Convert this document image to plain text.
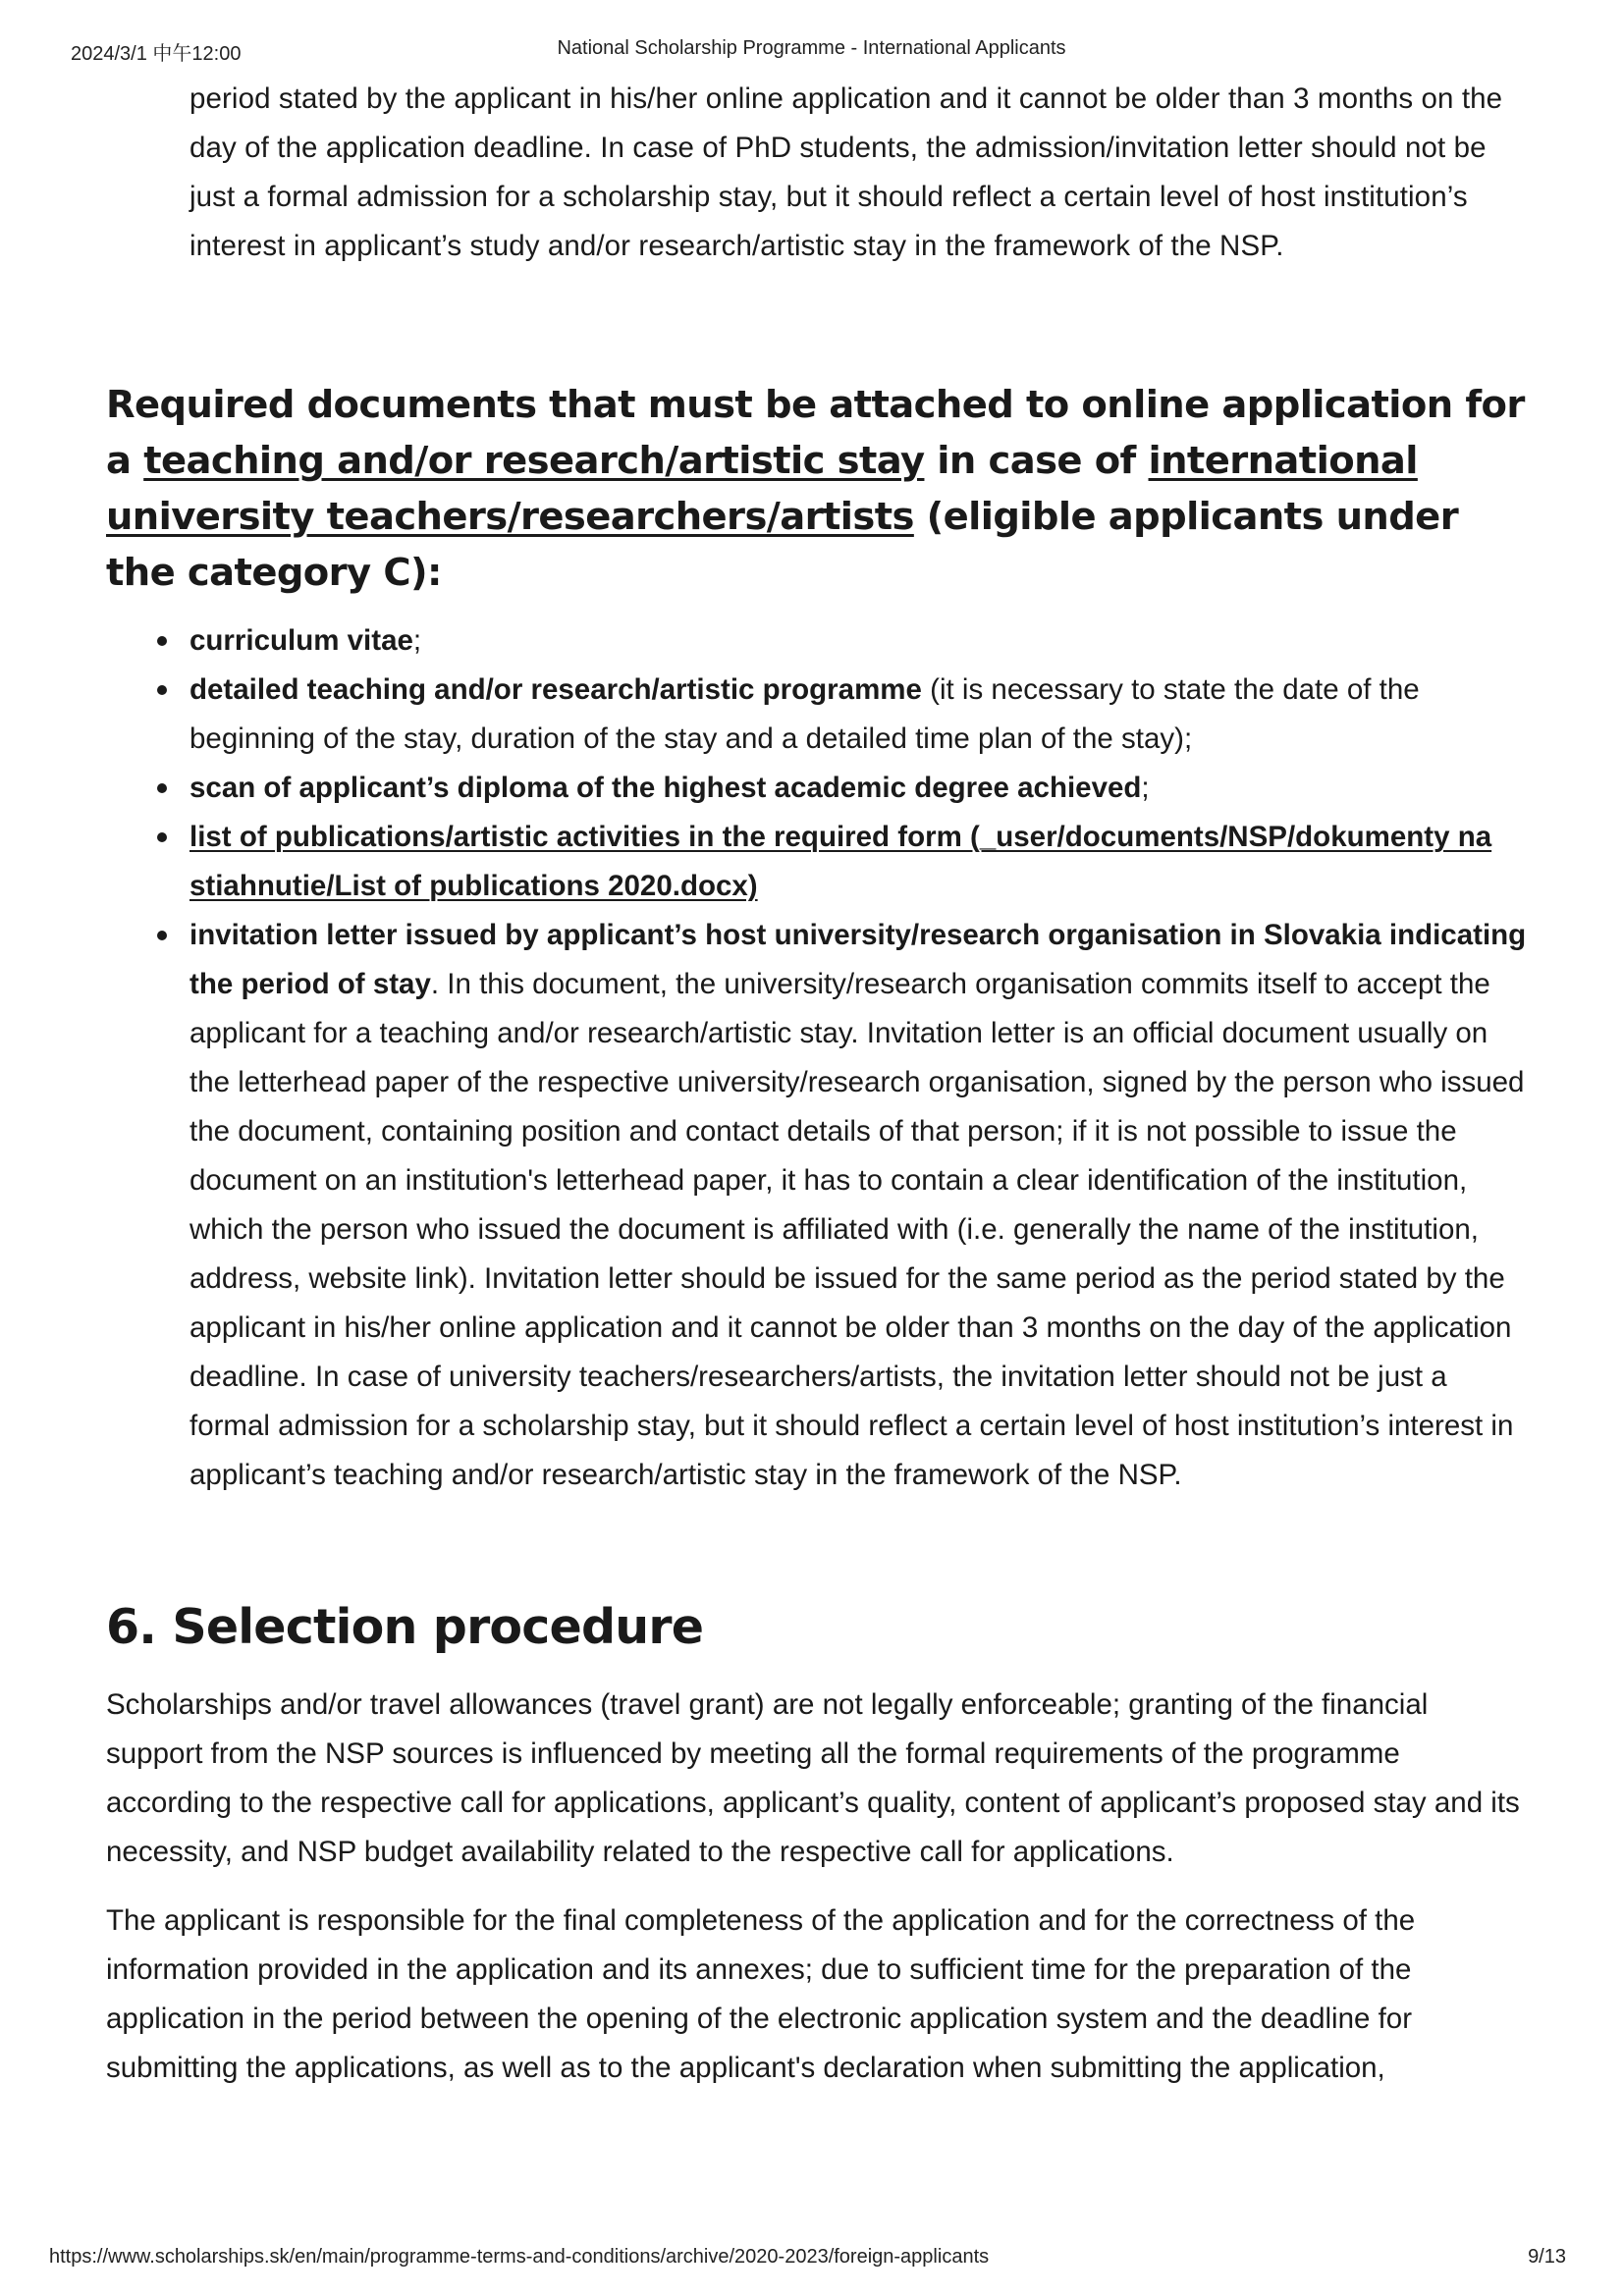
2024/3/1 中午12:00	National Scholarship Programme - International Applicants

period stated by the applicant in his/her online application and it cannot be older than 3 months on the day of the application deadline. In case of PhD students, the admission/invitation letter should not be just a formal admission for a scholarship stay, but it should reflect a certain level of host institution’s interest in applicant’s study and/or research/artistic stay in the framework of the NSP.

Required documents that must be attached to online application for a teaching and/or research/artistic stay in case of international university teachers/researchers/artists (eligible applicants under the category C):
curriculum vitae;
detailed teaching and/or research/artistic programme (it is necessary to state the date of the beginning of the stay, duration of the stay and a detailed time plan of the stay);
scan of applicant’s diploma of the highest academic degree achieved;
list of publications/artistic activities in the required form (_user/documents/NSP/dokumenty na stiahnutie/List of publications 2020.docx)
invitation letter issued by applicant’s host university/research organisation in Slovakia indicating the period of stay. In this document, the university/research organisation commits itself to accept the applicant for a teaching and/or research/artistic stay. Invitation letter is an official document usually on the letterhead paper of the respective university/research organisation, signed by the person who issued the document, containing position and contact details of that person; if it is not possible to issue the document on an institution's letterhead paper, it has to contain a clear identification of the institution, which the person who issued the document is affiliated with (i.e. generally the name of the institution, address, website link). Invitation letter should be issued for the same period as the period stated by the applicant in his/her online application and it cannot be older than 3 months on the day of the application deadline. In case of university teachers/researchers/artists, the invitation letter should not be just a formal admission for a scholarship stay, but it should reflect a certain level of host institution’s interest in applicant’s teaching and/or research/artistic stay in the framework of the NSP.
6. Selection procedure

Scholarships and/or travel allowances (travel grant) are not legally enforceable; granting of the financial support from the NSP sources is influenced by meeting all the formal requirements of the programme according to the respective call for applications, applicant’s quality, content of applicant’s proposed stay and its necessity, and NSP budget availability related to the respective call for applications.

The applicant is responsible for the final completeness of the application and for the correctness of the information provided in the application and its annexes; due to sufficient time for the preparation of the application in the period between the opening of the electronic application system and the deadline for submitting the applications, as well as to the applicant's declaration when submitting the application,

https://www.scholarships.sk/en/main/programme-terms-and-conditions/archive/2020-2023/foreign-applicants	9/13
